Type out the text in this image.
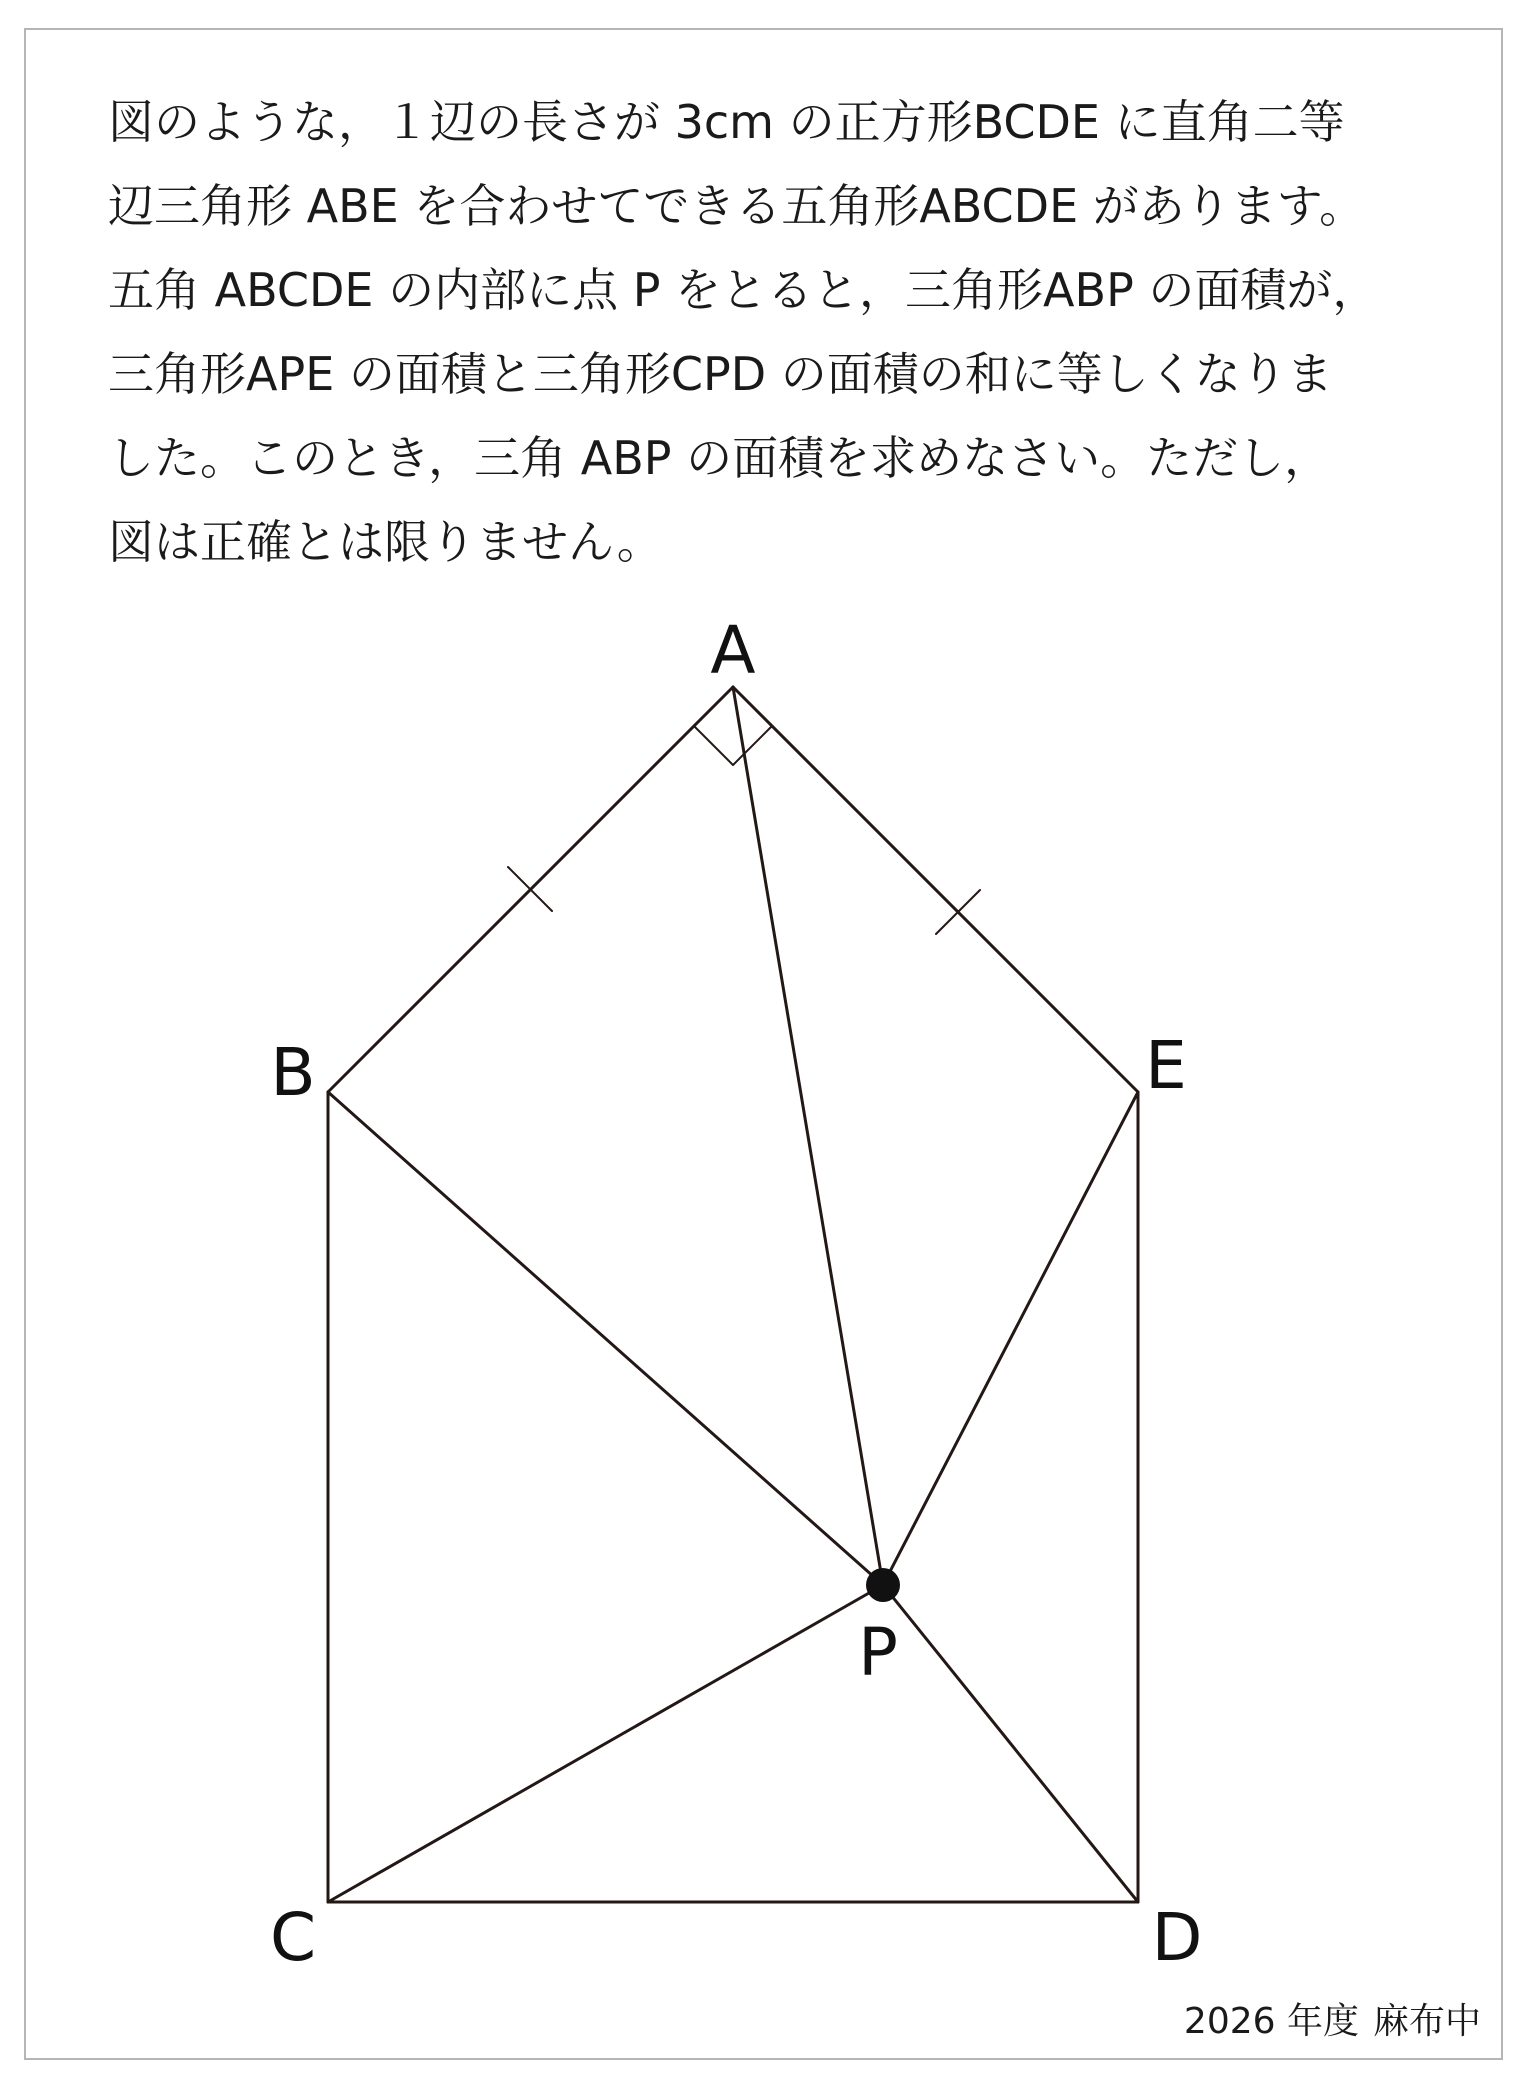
図のような，１辺の長さが 3cm の正方形BCDE に直角二等
辺三角形 ABE を合わせてできる五角形ABCDE があります。
五角 ABCDE の内部に点 P をとると，三角形ABP の面積が，
三角形APE の面積と三角形CPD の面積の和に等しくなりま
した。このとき，三角 ABP の面積を求めなさい。ただし，
図は正確とは限りません。
A
B
C	D
E
P
2026 年度 麻布中
